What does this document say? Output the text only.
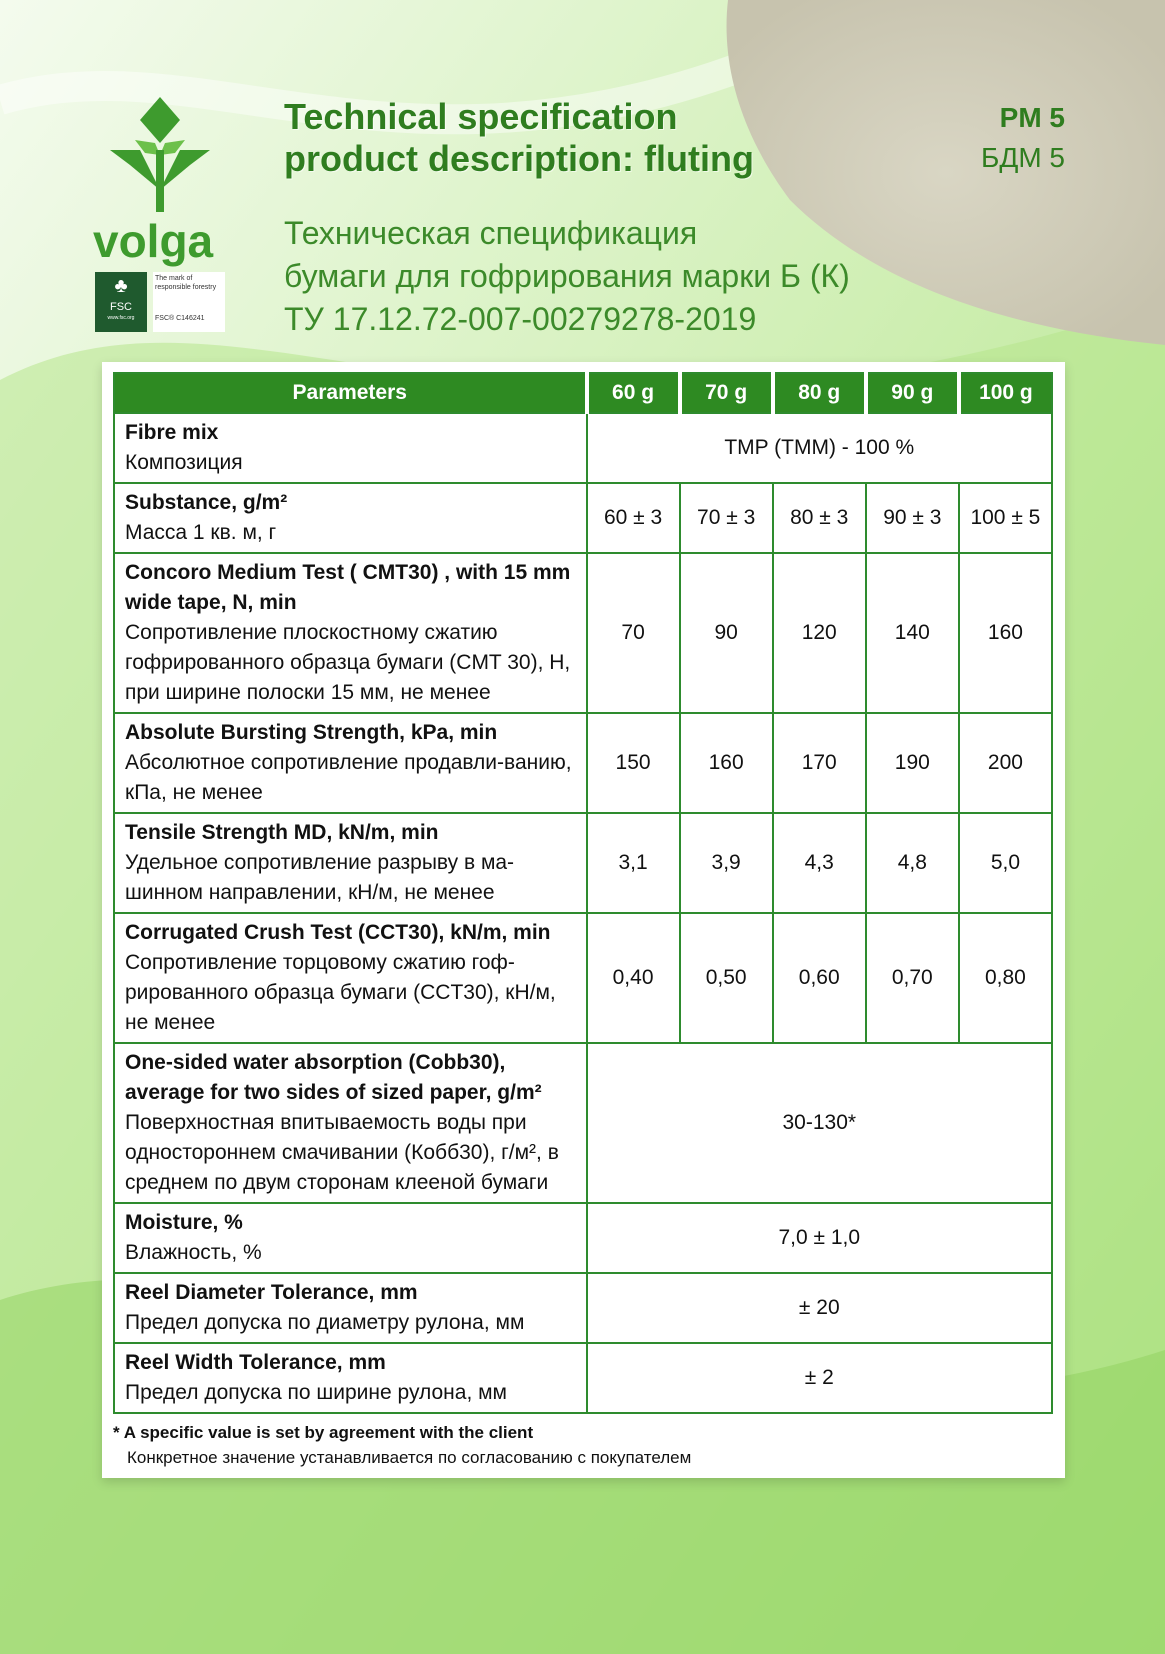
volga
♣
FSC
www.fsc.org
The mark of responsible forestry
FSC® C146241
Technical specification
product description: fluting
Техническая спецификация
бумаги для гофрирования марки Б (К)
ТУ 17.12.72-007-00279278-2019
PM 5
БДМ 5
Parameters	60 g	70 g	80 g	90 g	100 g

Fibre mix
Композиция	TMP (ТММ) - 100 %				

Substance, g/m²
Масса 1 кв. м, г	60 ± 3	70 ± 3	80 ± 3	90 ± 3	100 ± 5

Concoro Medium Test ( CMT30) , with 15 mm wide tape, N, min
Сопротивление плоскостному сжатию гофрированного образца бумаги (CMT 30), Н, при ширине полоски 15 мм, не менее	70	90	120	140	160

Absolute Bursting Strength, kPa, min
Абсолютное сопротивление продавли-ванию, кПа, не менее	150	160	170	190	200

Tensile Strength MD, kN/m, min
Удельное сопротивление разрыву в ма-шинном направлении, кН/м, не менее	3,1	3,9	4,3	4,8	5,0

Corrugated Crush Test (CCT30), kN/m, min
Сопротивление торцовому сжатию гоф-рированного образца бумаги (CCT30), кН/м, не менее	0,40	0,50	0,60	0,70	0,80

One-sided water absorption (Cobb30), average for two sides of sized paper, g/m²
Поверхностная впитываемость воды при одностороннем смачивании (Кобб30), г/м², в среднем по двум сторонам клееной бумаги	30-130*				

Moisture, %
Влажность, %	7,0 ± 1,0				

Reel Diameter Tolerance, mm
Предел допуска по диаметру рулона, мм	± 20				

Reel Width Tolerance, mm
Предел допуска по ширине рулона, мм	± 2				
* A specific value is set by agreement with the client
Конкретное значение устанавливается по согласованию с покупателем
